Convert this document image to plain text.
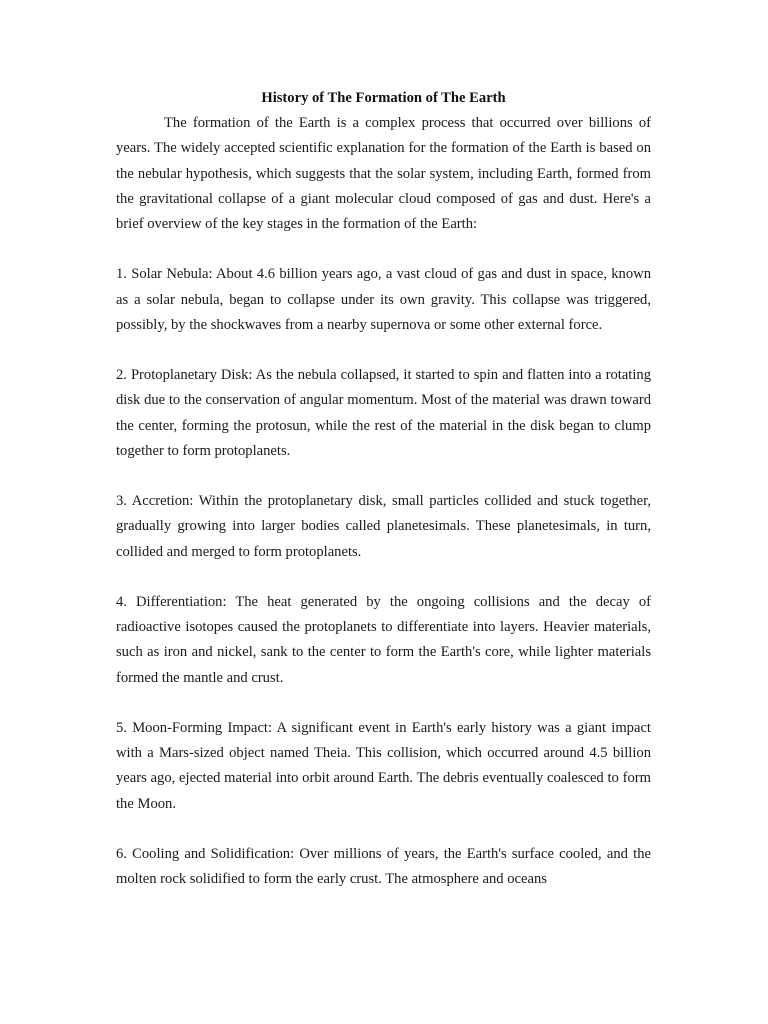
History of The Formation of The Earth

The formation of the Earth is a complex process that occurred over billions of years. The widely accepted scientific explanation for the formation of the Earth is based on the nebular hypothesis, which suggests that the solar system, including Earth, formed from the gravitational collapse of a giant molecular cloud composed of gas and dust. Here's a brief overview of the key stages in the formation of the Earth:

1. Solar Nebula: About 4.6 billion years ago, a vast cloud of gas and dust in space, known as a solar nebula, began to collapse under its own gravity. This collapse was triggered, possibly, by the shockwaves from a nearby supernova or some other external force.

2. Protoplanetary Disk: As the nebula collapsed, it started to spin and flatten into a rotating disk due to the conservation of angular momentum. Most of the material was drawn toward the center, forming the protosun, while the rest of the material in the disk began to clump together to form protoplanets.

3. Accretion: Within the protoplanetary disk, small particles collided and stuck together, gradually growing into larger bodies called planetesimals. These planetesimals, in turn, collided and merged to form protoplanets.

4. Differentiation: The heat generated by the ongoing collisions and the decay of radioactive isotopes caused the protoplanets to differentiate into layers. Heavier materials, such as iron and nickel, sank to the center to form the Earth's core, while lighter materials formed the mantle and crust.

5. Moon-Forming Impact: A significant event in Earth's early history was a giant impact with a Mars-sized object named Theia. This collision, which occurred around 4.5 billion years ago, ejected material into orbit around Earth. The debris eventually coalesced to form the Moon.

6. Cooling and Solidification: Over millions of years, the Earth's surface cooled, and the molten rock solidified to form the early crust. The atmosphere and oceans
